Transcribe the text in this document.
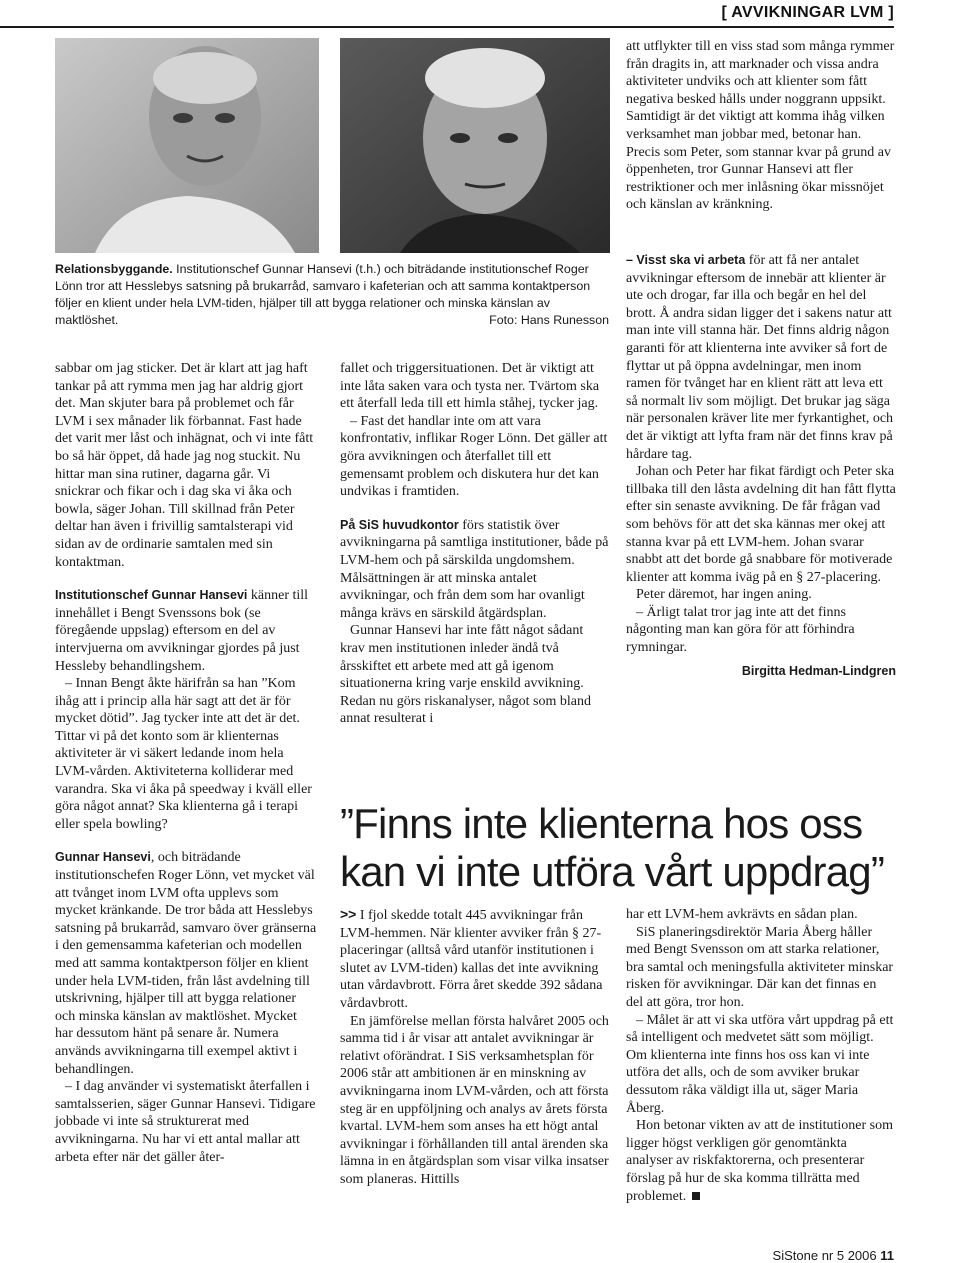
[ AVVIKNINGAR LVM ]
Relationsbyggande. Institutionschef Gunnar Hansevi (t.h.) och biträdande institutionschef Roger Lönn tror att Hesslebys satsning på brukarråd, samvaro i kafeterian och att samma kontaktperson följer en klient under hela LVM-tiden, hjälper till att bygga relationer och minska känslan av maktlöshet.	Foto: Hans Runesson

att utflykter till en viss stad som många rymmer från dragits in, att marknader och vissa andra aktiviteter undviks och att klienter som fått negativa besked hålls under noggrann uppsikt. Samtidigt är det viktigt att komma ihåg vilken verksamhet man jobbar med, betonar han. Precis som Peter, som stannar kvar på grund av öppenheten, tror Gunnar Hansevi att fler restriktioner och mer inlåsning ökar missnöjet och känslan av kränkning.

sabbar om jag sticker. Det är klart att jag haft tankar på att rymma men jag har aldrig gjort det. Man skjuter bara på problemet och får LVM i sex månader lik förbannat. Fast hade det varit mer låst och inhägnat, och vi inte fått bo så här öppet, då hade jag nog stuckit. Nu hittar man sina rutiner, dagarna går. Vi snickrar och fikar och i dag ska vi åka och bowla, säger Johan. Till skillnad från Peter deltar han även i frivillig samtalsterapi vid sidan av de ordinarie samtalen med sin kontaktman.

Institutionschef Gunnar Hansevi känner till innehållet i Bengt Svenssons bok (se föregående uppslag) eftersom en del av intervjuerna om avvikningar gjordes på just Hessleby behandlingshem.

– Innan Bengt åkte härifrån sa han ”Kom ihåg att i princip alla här sagt att det är för mycket dötid”. Jag tycker inte att det är det. Tittar vi på det konto som är klienternas aktiviteter är vi säkert ledande inom hela LVM-vården. Aktiviteterna kolliderar med varandra. Ska vi åka på speedway i kväll eller göra något annat? Ska klienterna gå i terapi eller spela bowling?

Gunnar Hansevi, och biträdande institutionschefen Roger Lönn, vet mycket väl att tvånget inom LVM ofta upplevs som mycket kränkande. De tror båda att Hesslebys satsning på brukarråd, samvaro över gränserna i den gemensamma kafeterian och modellen med att samma kontaktperson följer en klient under hela LVM-tiden, från låst avdelning till utskrivning, hjälper till att bygga relationer och minska känslan av maktlöshet. Mycket har dessutom hänt på senare år. Numera används avvikningarna till exempel aktivt i behandlingen.

– I dag använder vi systematiskt återfallen i samtalsserien, säger Gunnar Hansevi. Tidigare jobbade vi inte så strukturerat med avvikningarna. Nu har vi ett antal mallar att arbeta efter när det gäller åter-

fallet och triggersituationen. Det är viktigt att inte låta saken vara och tysta ner. Tvärtom ska ett återfall leda till ett himla ståhej, tycker jag.

– Fast det handlar inte om att vara konfrontativ, inflikar Roger Lönn. Det gäller att göra avvikningen och återfallet till ett gemensamt problem och diskutera hur det kan undvikas i framtiden.

På SiS huvudkontor förs statistik över avvikningarna på samtliga institutioner, både på LVM-hem och på särskilda ungdomshem. Målsättningen är att minska antalet avvikningar, och från dem som har ovanligt många krävs en särskild åtgärdsplan.

Gunnar Hansevi har inte fått något sådant krav men institutionen inleder ändå två årsskiftet ett arbete med att gå igenom situationerna kring varje enskild avvikning. Redan nu görs riskanalyser, något som bland annat resulterat i

– Visst ska vi arbeta för att få ner antalet avvikningar eftersom de innebär att klienter är ute och drogar, far illa och begår en hel del brott. Å andra sidan ligger det i sakens natur att man inte vill stanna här. Det finns aldrig någon garanti för att klienterna inte avviker så fort de flyttar ut på öppna avdelningar, men inom ramen för tvånget har en klient rätt att leva ett så normalt liv som möjligt. Det brukar jag säga när personalen kräver lite mer fyrkantighet, och det är viktigt att lyfta fram när det finns krav på hårdare tag.

Johan och Peter har fikat färdigt och Peter ska tillbaka till den låsta avdelning dit han fått flytta efter sin senaste avvikning. De får frågan vad som behövs för att det ska kännas mer okej att stanna kvar på ett LVM-hem. Johan svarar snabbt att det borde gå snabbare för motiverade klienter att komma iväg på en § 27-placering.

Peter däremot, har ingen aning.

– Ärligt talat tror jag inte att det finns någonting man kan göra för att förhindra rymningar.

Birgitta Hedman-Lindgren
”Finns inte klienterna hos oss
kan vi inte utföra vårt uppdrag”

>> I fjol skedde totalt 445 avvikningar från LVM-hemmen. När klienter avviker från § 27-placeringar (alltså vård utanför institutionen i slutet av LVM-tiden) kallas det inte avvikning utan vårdavbrott. Förra året skedde 392 sådana vårdavbrott.

En jämförelse mellan första halvåret 2005 och samma tid i år visar att antalet avvikningar är relativt oförändrat. I SiS verksamhetsplan för 2006 står att ambitionen är en minskning av avvikningarna inom LVM-vården, och att första steg är en uppföljning och analys av årets första kvartal. LVM-hem som anses ha ett högt antal avvikningar i förhållanden till antal ärenden ska lämna in en åtgärdsplan som visar vilka insatser som planeras. Hittills

har ett LVM-hem avkrävts en sådan plan.

SiS planeringsdirektör Maria Åberg håller med Bengt Svensson om att starka relationer, bra samtal och meningsfulla aktiviteter minskar risken för avvikningar. Där kan det finnas en del att göra, tror hon.

– Målet är att vi ska utföra vårt uppdrag på ett så intelligent och medvetet sätt som möjligt. Om klienterna inte finns hos oss kan vi inte utföra det alls, och de som avviker brukar dessutom råka väldigt illa ut, säger Maria Åberg.

Hon betonar vikten av att de institutioner som ligger högst verkligen gör genomtänkta analyser av riskfaktorerna, och presenterar förslag på hur de ska komma tillrätta med problemet.

SiStone nr 5 2006 11
